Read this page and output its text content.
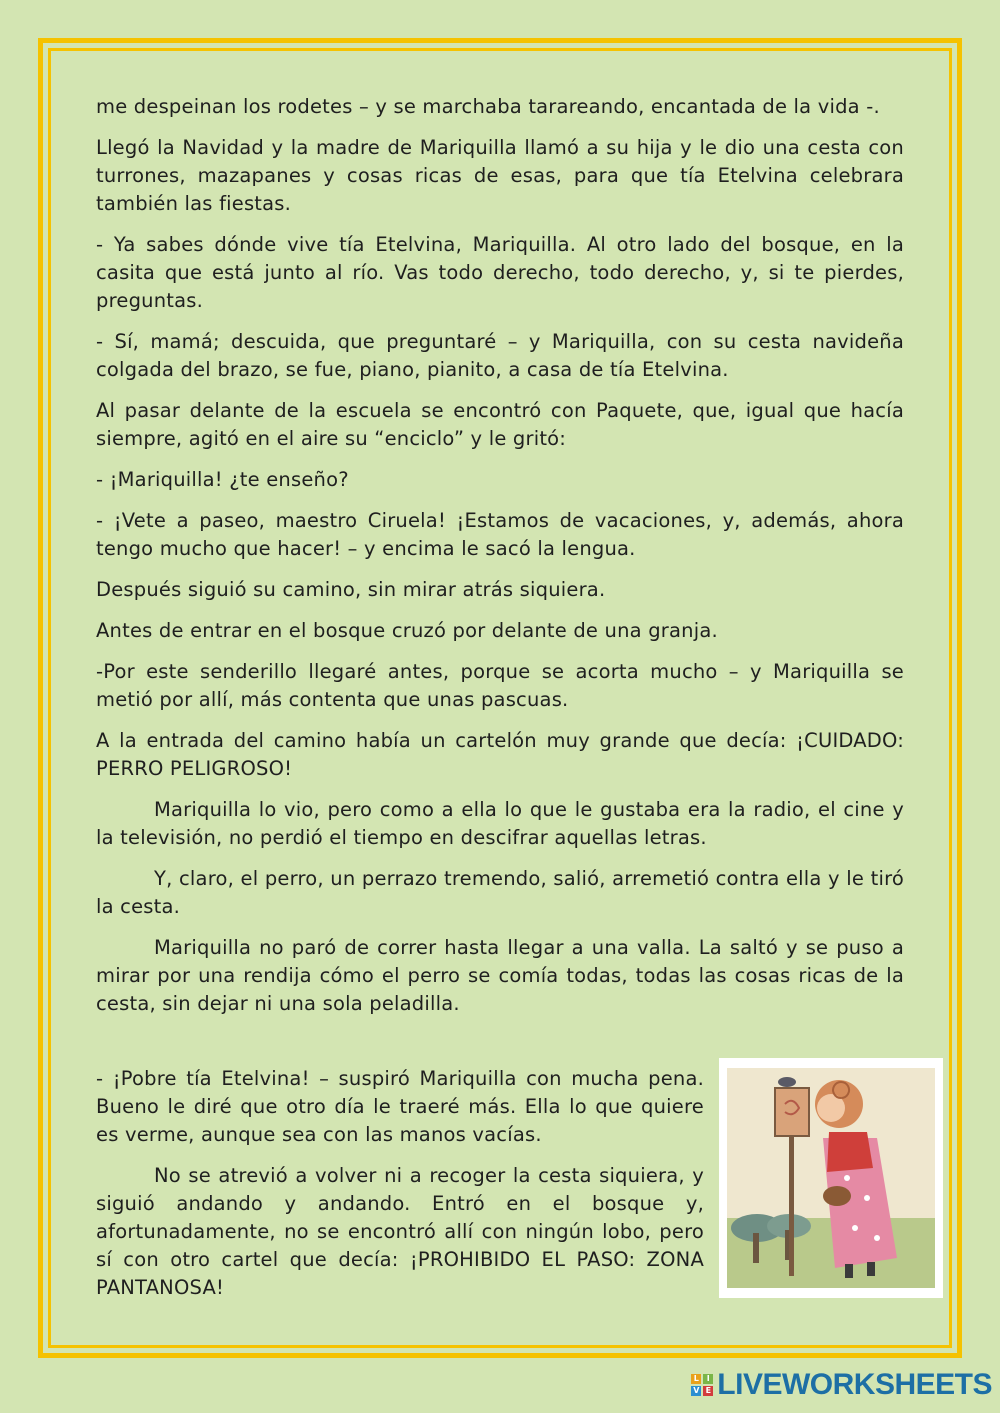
me despeinan los rodetes – y se marchaba tarareando, encantada de la vida -.

Llegó la Navidad y la madre de Mariquilla llamó a su hija y le dio una cesta con turrones, mazapanes y cosas ricas de esas, para que tía Etelvina celebrara también las fiestas.

- Ya sabes dónde vive tía Etelvina, Mariquilla. Al otro lado del bosque, en la casita que está junto al río. Vas todo derecho, todo derecho, y, si te pierdes, preguntas.

- Sí, mamá; descuida, que preguntaré – y Mariquilla, con su cesta navideña colgada del brazo, se fue, piano, pianito, a casa de tía Etelvina.

Al pasar delante de la escuela se encontró con Paquete, que, igual que hacía siempre, agitó en el aire su “enciclo” y le gritó:

- ¡Mariquilla! ¿te enseño?

- ¡Vete a paseo, maestro Ciruela! ¡Estamos de vacaciones, y, además, ahora tengo mucho que hacer! – y encima le sacó la lengua.

Después siguió su camino, sin mirar atrás siquiera.

Antes de entrar en el bosque cruzó por delante de una granja.

-Por este senderillo llegaré antes, porque se acorta mucho – y Mariquilla se metió por allí, más contenta que unas pascuas.

A la entrada del camino había un cartelón muy grande que decía: ¡CUIDADO: PERRO PELIGROSO!

Mariquilla lo vio, pero como a ella lo que le gustaba era la radio, el cine y la televisión, no perdió el tiempo en descifrar aquellas letras.

Y, claro, el perro, un perrazo tremendo, salió, arremetió contra ella y le tiró la cesta.

Mariquilla no paró de correr hasta llegar a una valla. La saltó y se puso a mirar por una rendija cómo el perro se comía todas, todas las cosas ricas de la cesta, sin dejar ni una sola peladilla.

- ¡Pobre tía Etelvina! – suspiró Mariquilla con mucha pena. Bueno le diré que otro día le traeré más. Ella lo que quiere es verme, aunque sea con las manos vacías.

No se atrevió a volver ni a recoger la cesta siquiera, y siguió andando y andando. Entró en el bosque y, afortunadamente, no se encontró allí con ningún lobo, pero sí con otro cartel que decía: ¡PROHIBIDO EL PASO: ZONA PANTANOSA!

L I
V E LIVEWORKSHEETS
